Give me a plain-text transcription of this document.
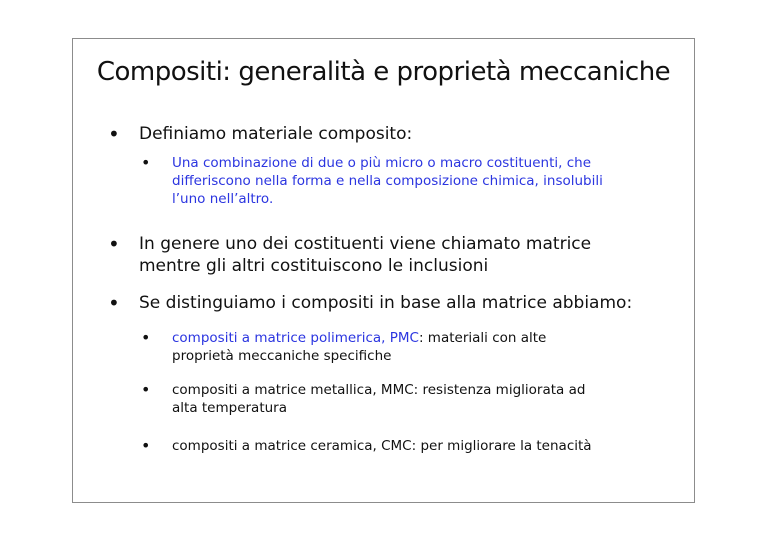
Compositi: generalità e proprietà meccaniche
• Definiamo materiale composito:
• Una combinazione di due o più micro o macro costituenti, che
differiscono nella forma e nella composizione chimica, insolubili
l’uno nell’altro.
• In genere uno dei costituenti viene chiamato matrice
mentre gli altri costituiscono le inclusioni
• Se distinguiamo i compositi in base alla matrice abbiamo:
• compositi a matrice polimerica, PMC: materiali con alte
proprietà meccaniche specifiche
• compositi a matrice metallica, MMC: resistenza migliorata ad
alta temperatura
• compositi a matrice ceramica, CMC: per migliorare la tenacità
